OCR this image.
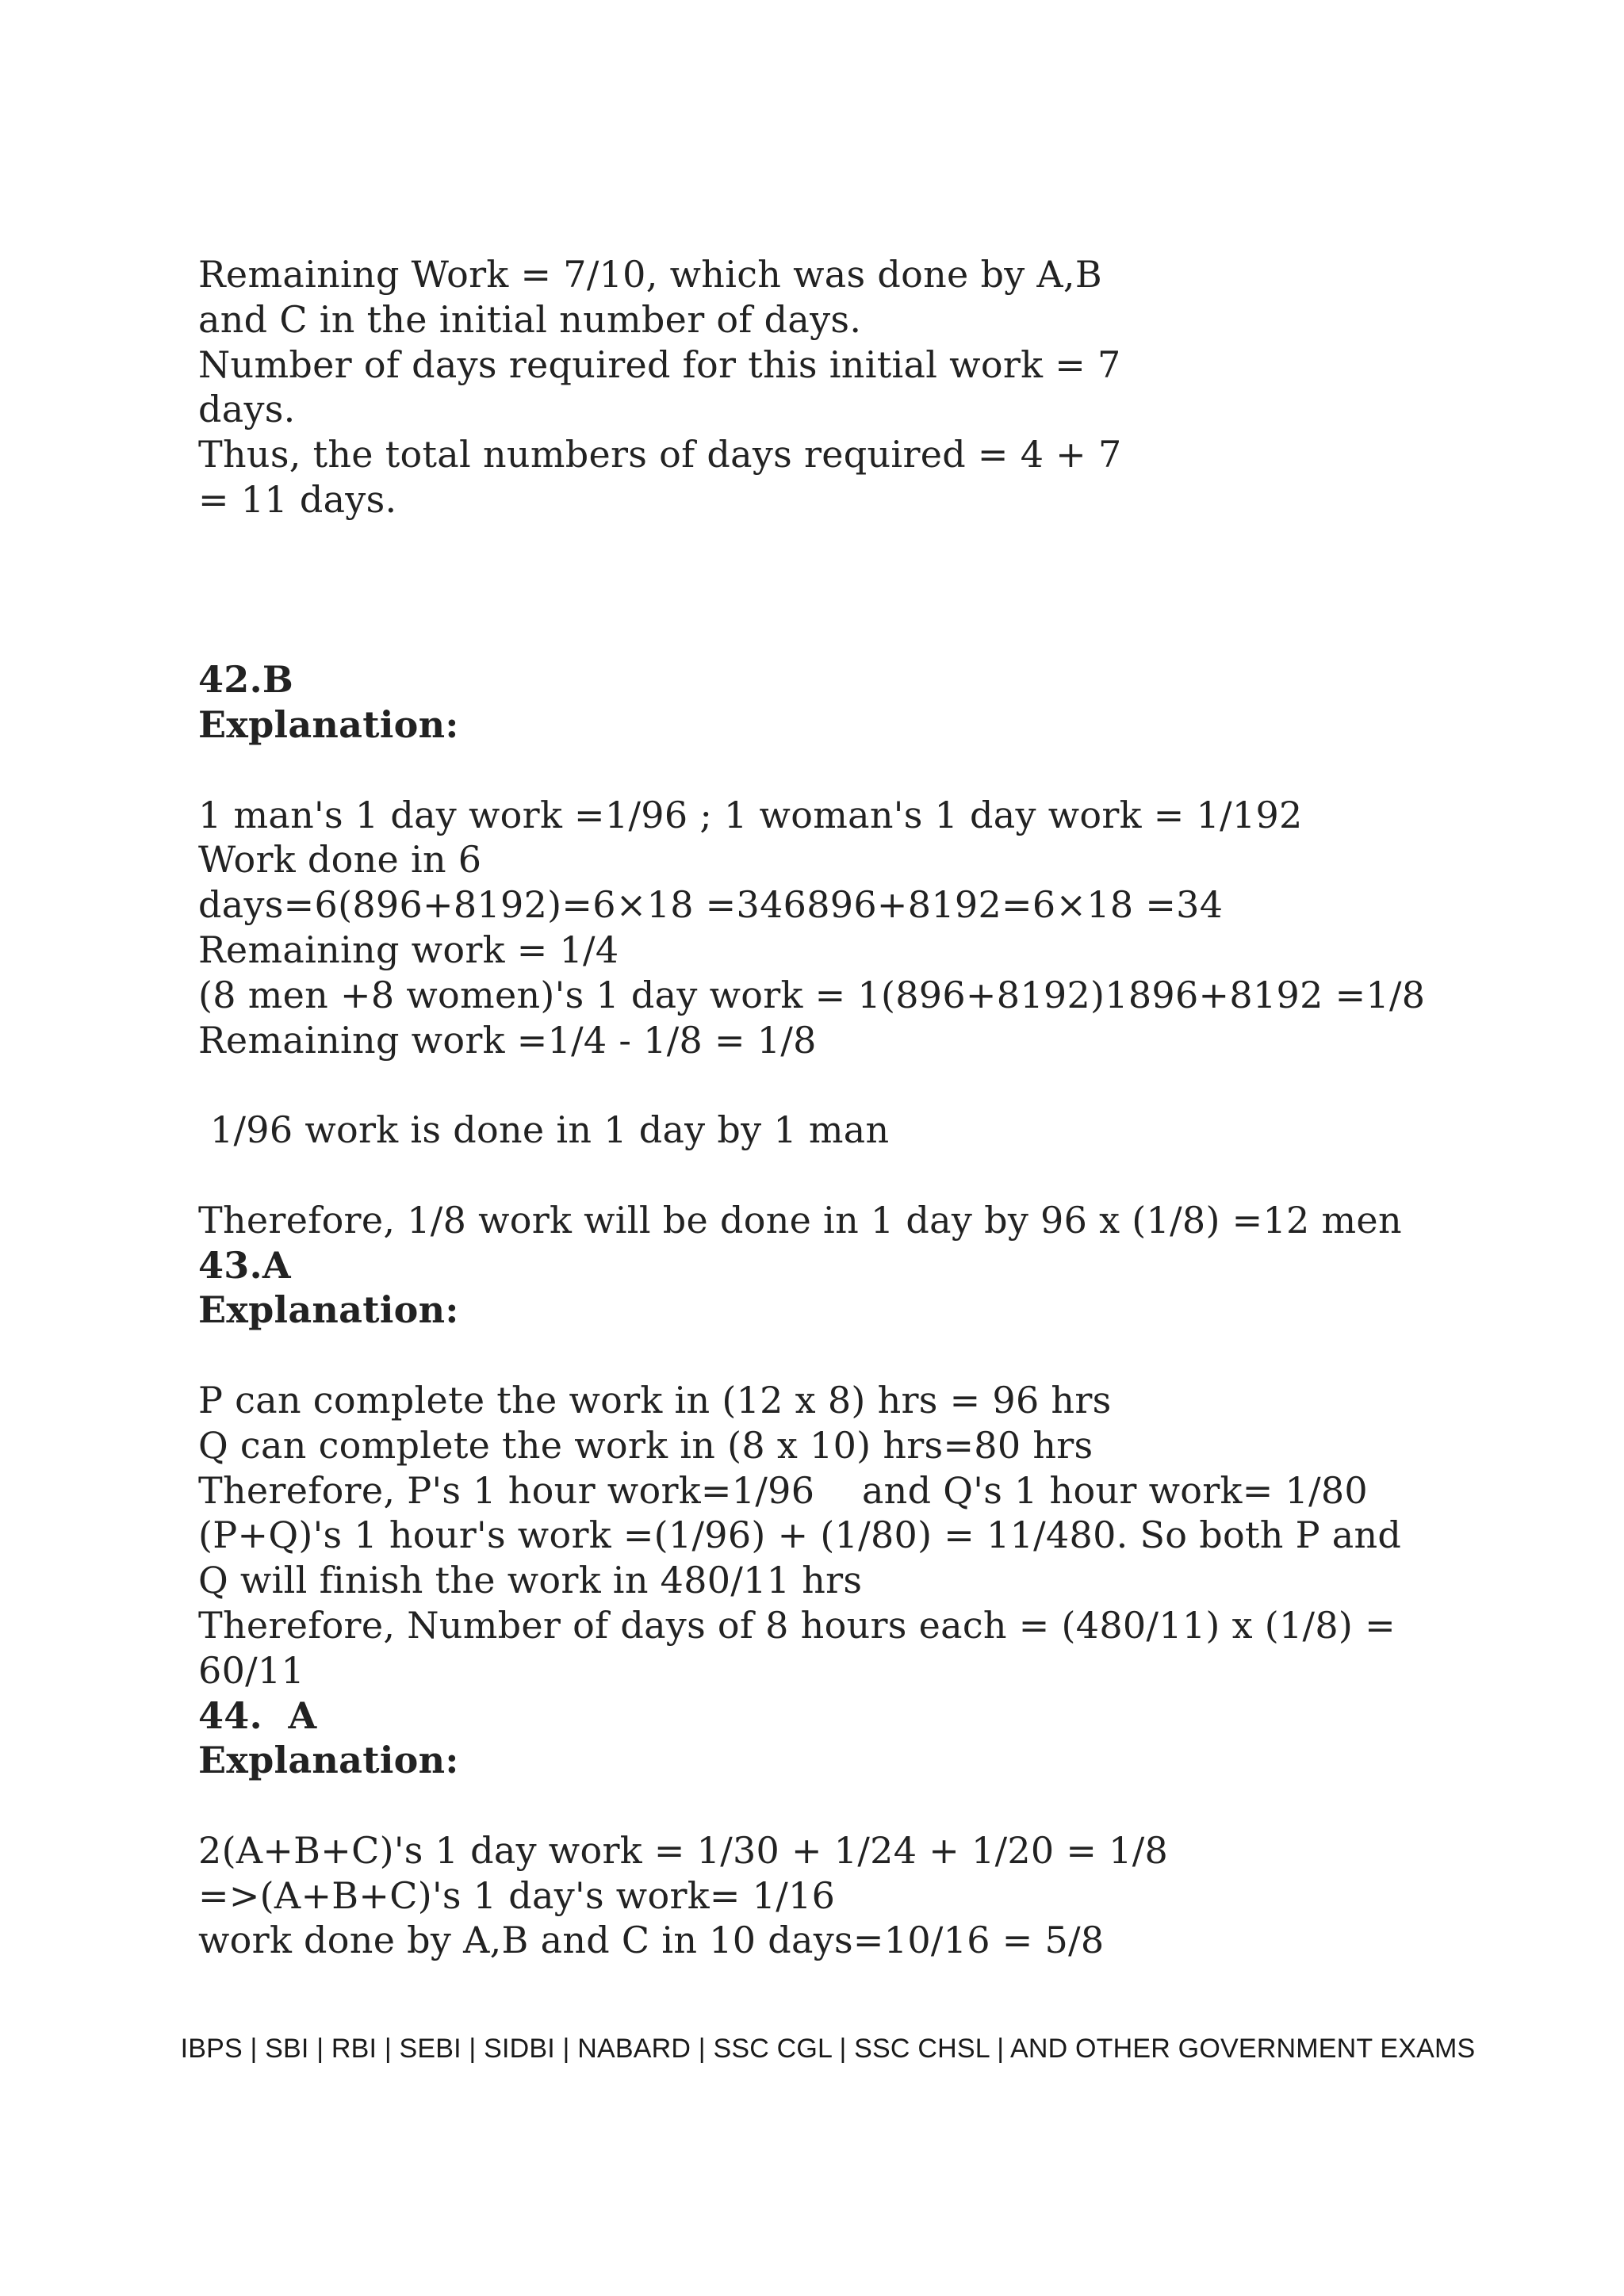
Remaining Work = 7/10, which was done by A,B
and C in the initial number of days.
Number of days required for this initial work = 7
days.
Thus, the total numbers of days required = 4 + 7
= 11 days.
42.B
Explanation:
1 man's 1 day work =1/96 ; 1 woman's 1 day work = 1/192
Work done in 6
days=6(896+8192)=6×18 =346896+8192=6×18 =34
Remaining work = 1/4
(8 men +8 women)'s 1 day work = 1(896+8192)1896+8192 =1/8
Remaining work =1/4 - 1/8 = 1/8
1/96 work is done in 1 day by 1 man
Therefore, 1/8 work will be done in 1 day by 96 x (1/8) =12 men
43.A
Explanation:
P can complete the work in (12 x 8) hrs = 96 hrs
Q can complete the work in (8 x 10) hrs=80 hrs
Therefore, P's 1 hour work=1/96    and Q's 1 hour work= 1/80
(P+Q)'s 1 hour's work =(1/96) + (1/80) = 11/480. So both P and
Q will finish the work in 480/11 hrs
Therefore, Number of days of 8 hours each = (480/11) x (1/8) =
60/11
44.  A
Explanation:
2(A+B+C)'s 1 day work = 1/30 + 1/24 + 1/20 = 1/8
=>(A+B+C)'s 1 day's work= 1/16
work done by A,B and C in 10 days=10/16 = 5/8
IBPS | SBI | RBI | SEBI | SIDBI | NABARD | SSC CGL | SSC CHSL | AND OTHER GOVERNMENT EXAMS
